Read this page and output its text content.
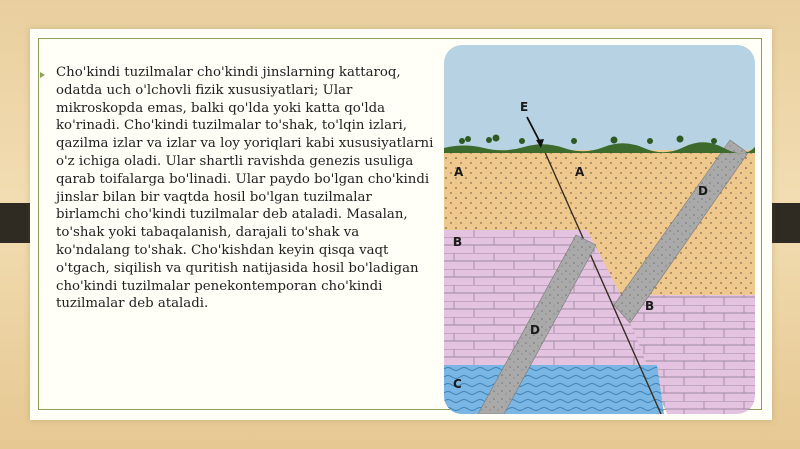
Cho'kindi tuzilmalar cho'kindi jinslarning kattaroq, odatda uch o'lchovli fizik xususiyatlari; Ular mikroskopda emas, balki qo'lda yoki katta qo'lda ko'rinadi. Cho'kindi tuzilmalar to'shak, to'lqin izlari, qazilma izlar va izlar va loy yoriqlari kabi xususiyatlarni o'z ichiga oladi. Ular shartli ravishda genezis usuliga qarab toifalarga bo'linadi. Ular paydo bo'lgan cho'kindi jinslar bilan bir vaqtda hosil bo'lgan tuzilmalar birlamchi cho'kindi tuzilmalar deb ataladi. Masalan, to'shak yoki tabaqalanish, darajali to'shak va ko'ndalang to'shak. Cho'kishdan keyin qisqa vaqt o'tgach, siqilish va quritish natijasida hosil bo'ladigan cho'kindi tuzilmalar penekontemporan cho'kindi tuzilmalar deb ataladi.

E
A	A
D
B
B
D
C
